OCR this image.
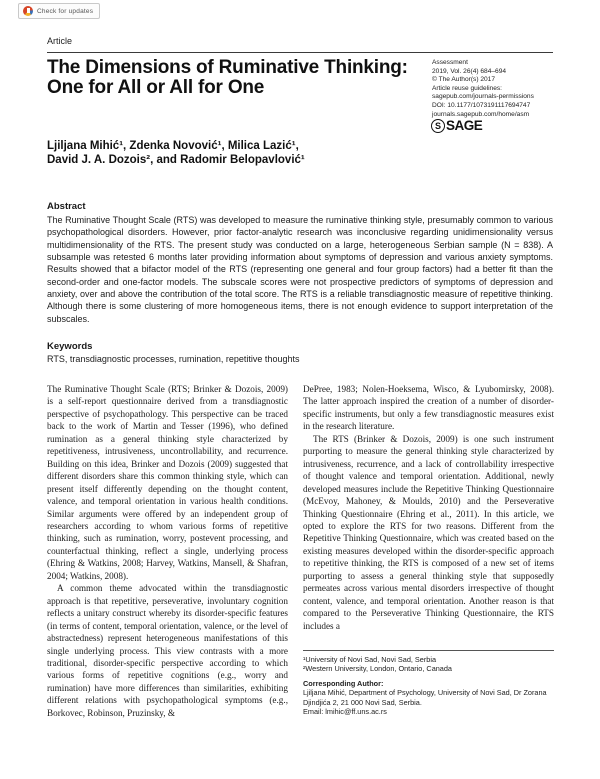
Check for updates
Article
The Dimensions of Ruminative Thinking:
One for All or All for One
Assessment
2019, Vol. 26(4) 684–694
© The Author(s) 2017
Article reuse guidelines:
sagepub.com/journals-permissions
DOI: 10.1177/1073191117694747
journals.sagepub.com/home/asm
S SAGE
Ljiljana Mihić¹, Zdenka Novović¹, Milica Lazić¹,
David J. A. Dozois², and Radomir Belopavlović¹
Abstract
The Ruminative Thought Scale (RTS) was developed to measure the ruminative thinking style, presumably common to various psychopathological disorders. However, prior factor-analytic research was inconclusive regarding unidimensionality versus multidimensionality of the RTS. The present study was conducted on a large, heterogeneous Serbian sample (N = 838). A subsample was retested 6 months later providing information about symptoms of depression and various anxiety symptoms. Results showed that a bifactor model of the RTS (representing one general and four group factors) had a better fit than the second-order and one-factor models. The subscale scores were not prospective predictors of symptoms of depression and anxiety, over and above the contribution of the total score. The RTS is a reliable transdiagnostic measure of repetitive thinking. Although there is some clustering of more homogeneous items, there is not enough evidence to support interpretation of the subscales.
Keywords
RTS, transdiagnostic processes, rumination, repetitive thoughts

The Ruminative Thought Scale (RTS; Brinker & Dozois, 2009) is a self-report questionnaire derived from a transdiagnostic perspective of psychopathology. This perspective can be traced back to the work of Martin and Tesser (1996), who defined rumination as a general thinking style characterized by repetitiveness, intrusiveness, uncontrollability, and recurrence. Building on this idea, Brinker and Dozois (2009) suggested that different disorders share this common thinking style, which can present itself differently depending on the thought content, valence, and temporal orientation in various health conditions. Similar arguments were offered by an independent group of researchers according to whom various forms of repetitive thinking, such as rumination, worry, postevent processing, and counterfactual thinking, reflect a single, underlying process (Ehring & Watkins, 2008; Harvey, Watkins, Mansell, & Shafran, 2004; Watkins, 2008).

A common theme advocated within the transdiagnostic approach is that repetitive, perseverative, involuntary cognition reflects a unitary construct whereby its disorder-specific features (in terms of content, temporal orientation, valence, or the level of abstractedness) represent heterogeneous manifestations of this single underlying process. This view contrasts with a more traditional, disorder-specific perspective according to which various forms of repetitive cognitions (e.g., worry and rumination) have more differences than similarities, exhibiting different relations with psychopathological symptoms (e.g., Borkovec, Robinson, Pruzinsky, &

DePree, 1983; Nolen-Hoeksema, Wisco, & Lyubomirsky, 2008). The latter approach inspired the creation of a number of disorder-specific instruments, but only a few transdiagnostic measures exist in the research literature.

The RTS (Brinker & Dozois, 2009) is one such instrument purporting to measure the general thinking style characterized by intrusiveness, recurrence, and a lack of controllability irrespective of thought valence and temporal orientation. Additional, newly developed measures include the Repetitive Thinking Questionnaire (McEvoy, Mahoney, & Moulds, 2010) and the Perseverative Thinking Questionnaire (Ehring et al., 2011). In this article, we opted to explore the RTS for two reasons. Different from the Repetitive Thinking Questionnaire, which was created based on the existing measures developed within the disorder-specific approach to repetitive thinking, the RTS is composed of a new set of items purporting to assess a general thinking style that supposedly permeates across various mental disorders irrespective of thought content, valence, and temporal orientation. Another reason is that compared to the Perseverative Thinking Questionnaire, the RTS includes a

¹University of Novi Sad, Novi Sad, Serbia
²Western University, London, Ontario, Canada
Corresponding Author:
Ljiljana Mihić, Department of Psychology, University of Novi Sad, Dr Zorana Djindjića 2, 21 000 Novi Sad, Serbia.
Email: lmihic@ff.uns.ac.rs
